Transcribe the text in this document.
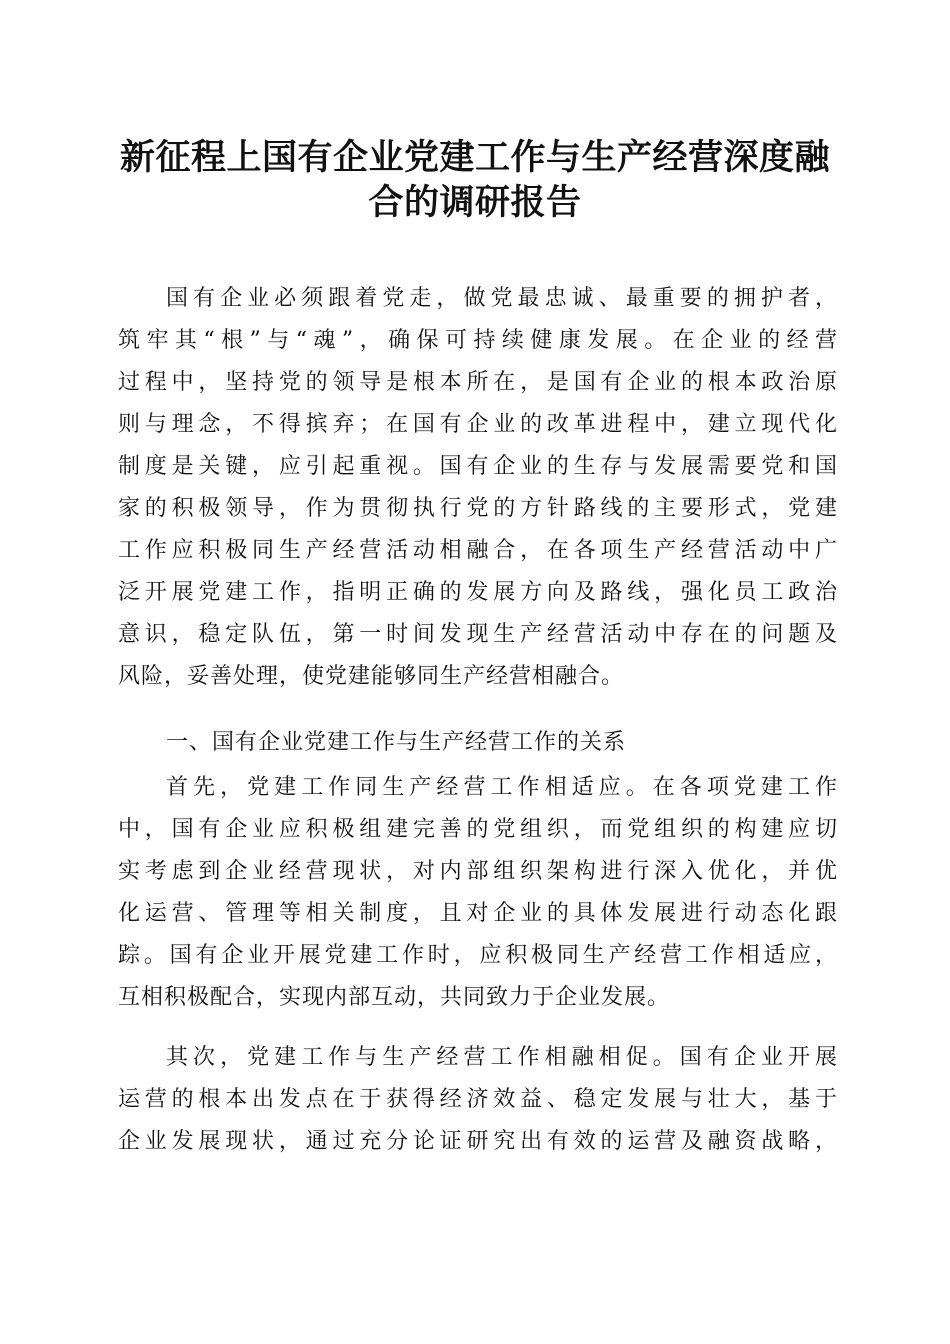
新征程上国有企业党建工作与生产经营深度融
合的调研报告
国有企业必须跟着党走，做党最忠诚、最重要的拥护者，
筑牢其“根”与“魂”，确保可持续健康发展。在企业的经营
过程中，坚持党的领导是根本所在，是国有企业的根本政治原
则与理念，不得摈弃；在国有企业的改革进程中，建立现代化
制度是关键，应引起重视。国有企业的生存与发展需要党和国
家的积极领导，作为贯彻执行党的方针路线的主要形式，党建
工作应积极同生产经营活动相融合，在各项生产经营活动中广
泛开展党建工作，指明正确的发展方向及路线，强化员工政治
意识，稳定队伍，第一时间发现生产经营活动中存在的问题及
风险，妥善处理，使党建能够同生产经营相融合。
一、国有企业党建工作与生产经营工作的关系
首先，党建工作同生产经营工作相适应。在各项党建工作
中，国有企业应积极组建完善的党组织，而党组织的构建应切
实考虑到企业经营现状，对内部组织架构进行深入优化，并优
化运营、管理等相关制度，且对企业的具体发展进行动态化跟
踪。国有企业开展党建工作时，应积极同生产经营工作相适应，
互相积极配合，实现内部互动，共同致力于企业发展。
其次，党建工作与生产经营工作相融相促。国有企业开展
运营的根本出发点在于获得经济效益、稳定发展与壮大，基于
企业发展现状，通过充分论证研究出有效的运营及融资战略，
